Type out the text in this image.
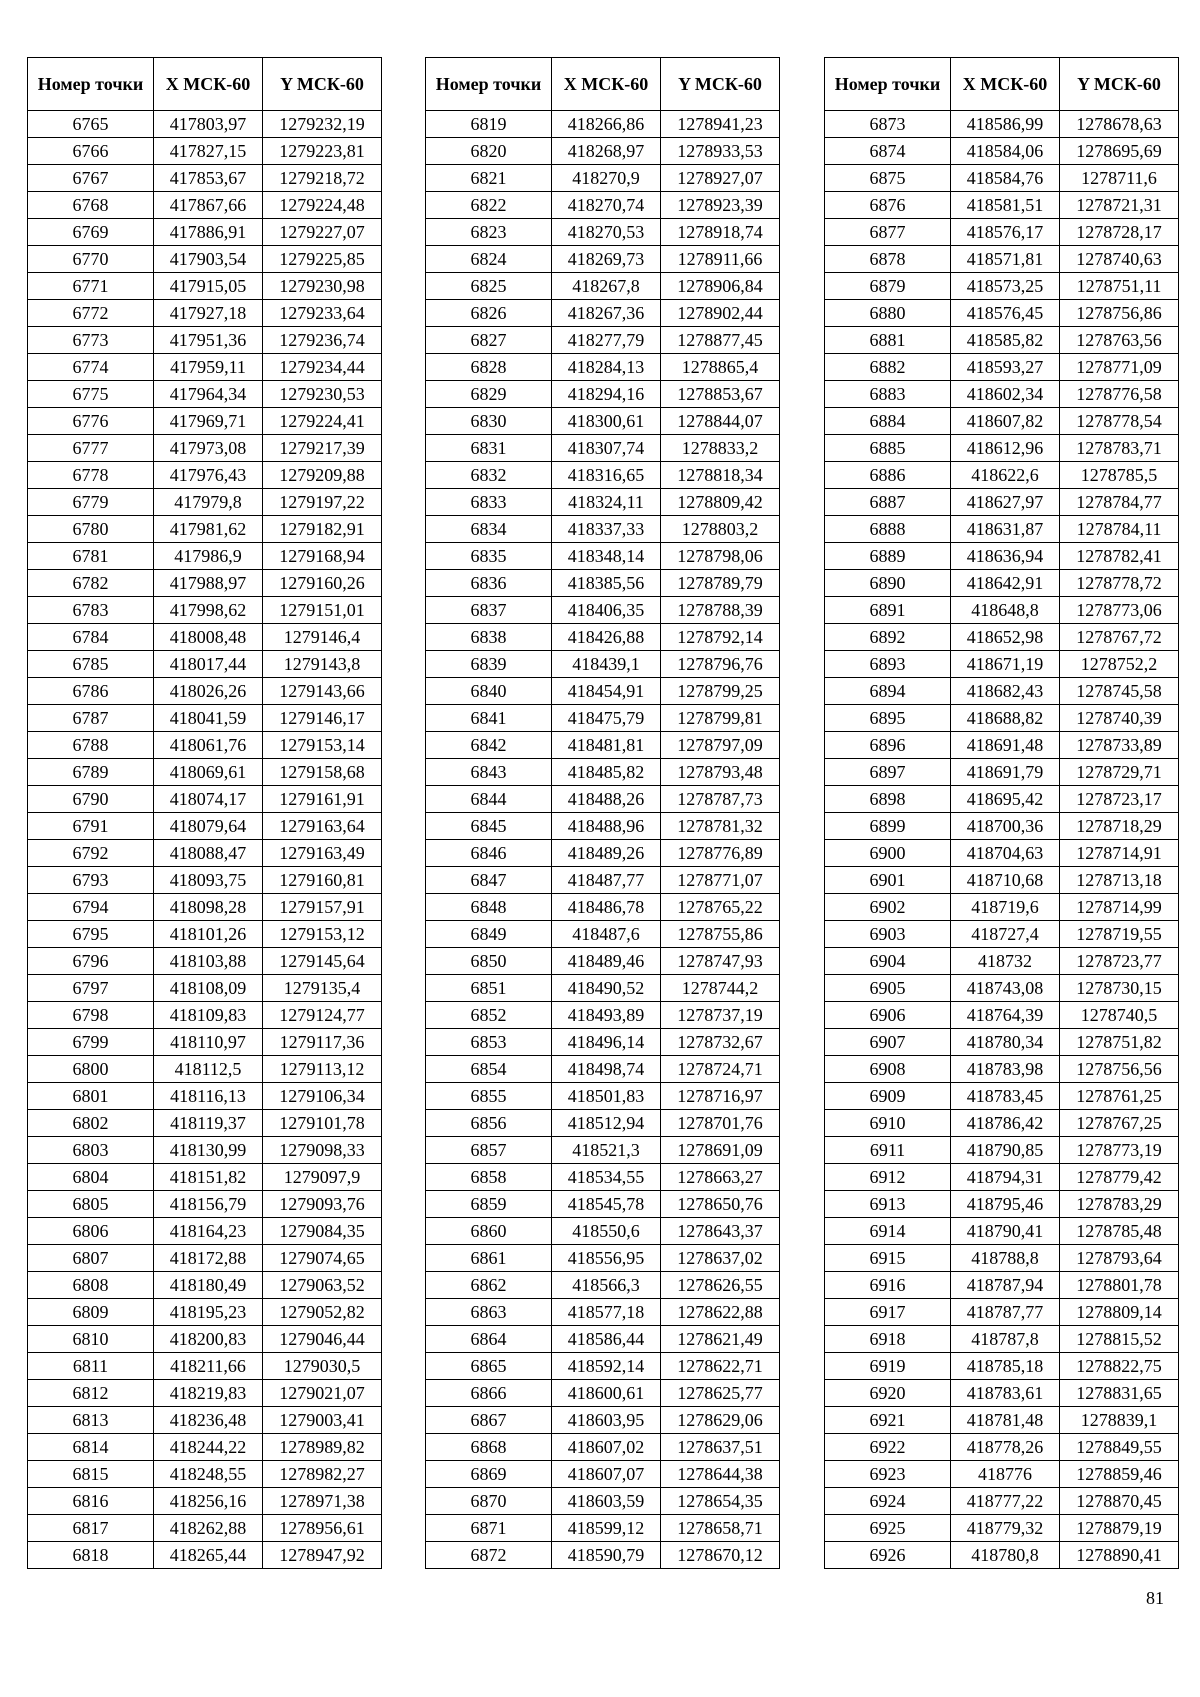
Номер точки	X МСК-60	Y МСК-60
6765	417803,97	1279232,19
6766	417827,15	1279223,81
6767	417853,67	1279218,72
6768	417867,66	1279224,48
6769	417886,91	1279227,07
6770	417903,54	1279225,85
6771	417915,05	1279230,98
6772	417927,18	1279233,64
6773	417951,36	1279236,74
6774	417959,11	1279234,44
6775	417964,34	1279230,53
6776	417969,71	1279224,41
6777	417973,08	1279217,39
6778	417976,43	1279209,88
6779	417979,8	1279197,22
6780	417981,62	1279182,91
6781	417986,9	1279168,94
6782	417988,97	1279160,26
6783	417998,62	1279151,01
6784	418008,48	1279146,4
6785	418017,44	1279143,8
6786	418026,26	1279143,66
6787	418041,59	1279146,17
6788	418061,76	1279153,14
6789	418069,61	1279158,68
6790	418074,17	1279161,91
6791	418079,64	1279163,64
6792	418088,47	1279163,49
6793	418093,75	1279160,81
6794	418098,28	1279157,91
6795	418101,26	1279153,12
6796	418103,88	1279145,64
6797	418108,09	1279135,4
6798	418109,83	1279124,77
6799	418110,97	1279117,36
6800	418112,5	1279113,12
6801	418116,13	1279106,34
6802	418119,37	1279101,78
6803	418130,99	1279098,33
6804	418151,82	1279097,9
6805	418156,79	1279093,76
6806	418164,23	1279084,35
6807	418172,88	1279074,65
6808	418180,49	1279063,52
6809	418195,23	1279052,82
6810	418200,83	1279046,44
6811	418211,66	1279030,5
6812	418219,83	1279021,07
6813	418236,48	1279003,41
6814	418244,22	1278989,82
6815	418248,55	1278982,27
6816	418256,16	1278971,38
6817	418262,88	1278956,61
6818	418265,44	1278947,92
Номер точки	X МСК-60	Y МСК-60
6819	418266,86	1278941,23
6820	418268,97	1278933,53
6821	418270,9	1278927,07
6822	418270,74	1278923,39
6823	418270,53	1278918,74
6824	418269,73	1278911,66
6825	418267,8	1278906,84
6826	418267,36	1278902,44
6827	418277,79	1278877,45
6828	418284,13	1278865,4
6829	418294,16	1278853,67
6830	418300,61	1278844,07
6831	418307,74	1278833,2
6832	418316,65	1278818,34
6833	418324,11	1278809,42
6834	418337,33	1278803,2
6835	418348,14	1278798,06
6836	418385,56	1278789,79
6837	418406,35	1278788,39
6838	418426,88	1278792,14
6839	418439,1	1278796,76
6840	418454,91	1278799,25
6841	418475,79	1278799,81
6842	418481,81	1278797,09
6843	418485,82	1278793,48
6844	418488,26	1278787,73
6845	418488,96	1278781,32
6846	418489,26	1278776,89
6847	418487,77	1278771,07
6848	418486,78	1278765,22
6849	418487,6	1278755,86
6850	418489,46	1278747,93
6851	418490,52	1278744,2
6852	418493,89	1278737,19
6853	418496,14	1278732,67
6854	418498,74	1278724,71
6855	418501,83	1278716,97
6856	418512,94	1278701,76
6857	418521,3	1278691,09
6858	418534,55	1278663,27
6859	418545,78	1278650,76
6860	418550,6	1278643,37
6861	418556,95	1278637,02
6862	418566,3	1278626,55
6863	418577,18	1278622,88
6864	418586,44	1278621,49
6865	418592,14	1278622,71
6866	418600,61	1278625,77
6867	418603,95	1278629,06
6868	418607,02	1278637,51
6869	418607,07	1278644,38
6870	418603,59	1278654,35
6871	418599,12	1278658,71
6872	418590,79	1278670,12
Номер точки	X МСК-60	Y МСК-60
6873	418586,99	1278678,63
6874	418584,06	1278695,69
6875	418584,76	1278711,6
6876	418581,51	1278721,31
6877	418576,17	1278728,17
6878	418571,81	1278740,63
6879	418573,25	1278751,11
6880	418576,45	1278756,86
6881	418585,82	1278763,56
6882	418593,27	1278771,09
6883	418602,34	1278776,58
6884	418607,82	1278778,54
6885	418612,96	1278783,71
6886	418622,6	1278785,5
6887	418627,97	1278784,77
6888	418631,87	1278784,11
6889	418636,94	1278782,41
6890	418642,91	1278778,72
6891	418648,8	1278773,06
6892	418652,98	1278767,72
6893	418671,19	1278752,2
6894	418682,43	1278745,58
6895	418688,82	1278740,39
6896	418691,48	1278733,89
6897	418691,79	1278729,71
6898	418695,42	1278723,17
6899	418700,36	1278718,29
6900	418704,63	1278714,91
6901	418710,68	1278713,18
6902	418719,6	1278714,99
6903	418727,4	1278719,55
6904	418732	1278723,77
6905	418743,08	1278730,15
6906	418764,39	1278740,5
6907	418780,34	1278751,82
6908	418783,98	1278756,56
6909	418783,45	1278761,25
6910	418786,42	1278767,25
6911	418790,85	1278773,19
6912	418794,31	1278779,42
6913	418795,46	1278783,29
6914	418790,41	1278785,48
6915	418788,8	1278793,64
6916	418787,94	1278801,78
6917	418787,77	1278809,14
6918	418787,8	1278815,52
6919	418785,18	1278822,75
6920	418783,61	1278831,65
6921	418781,48	1278839,1
6922	418778,26	1278849,55
6923	418776	1278859,46
6924	418777,22	1278870,45
6925	418779,32	1278879,19
6926	418780,8	1278890,41
81
